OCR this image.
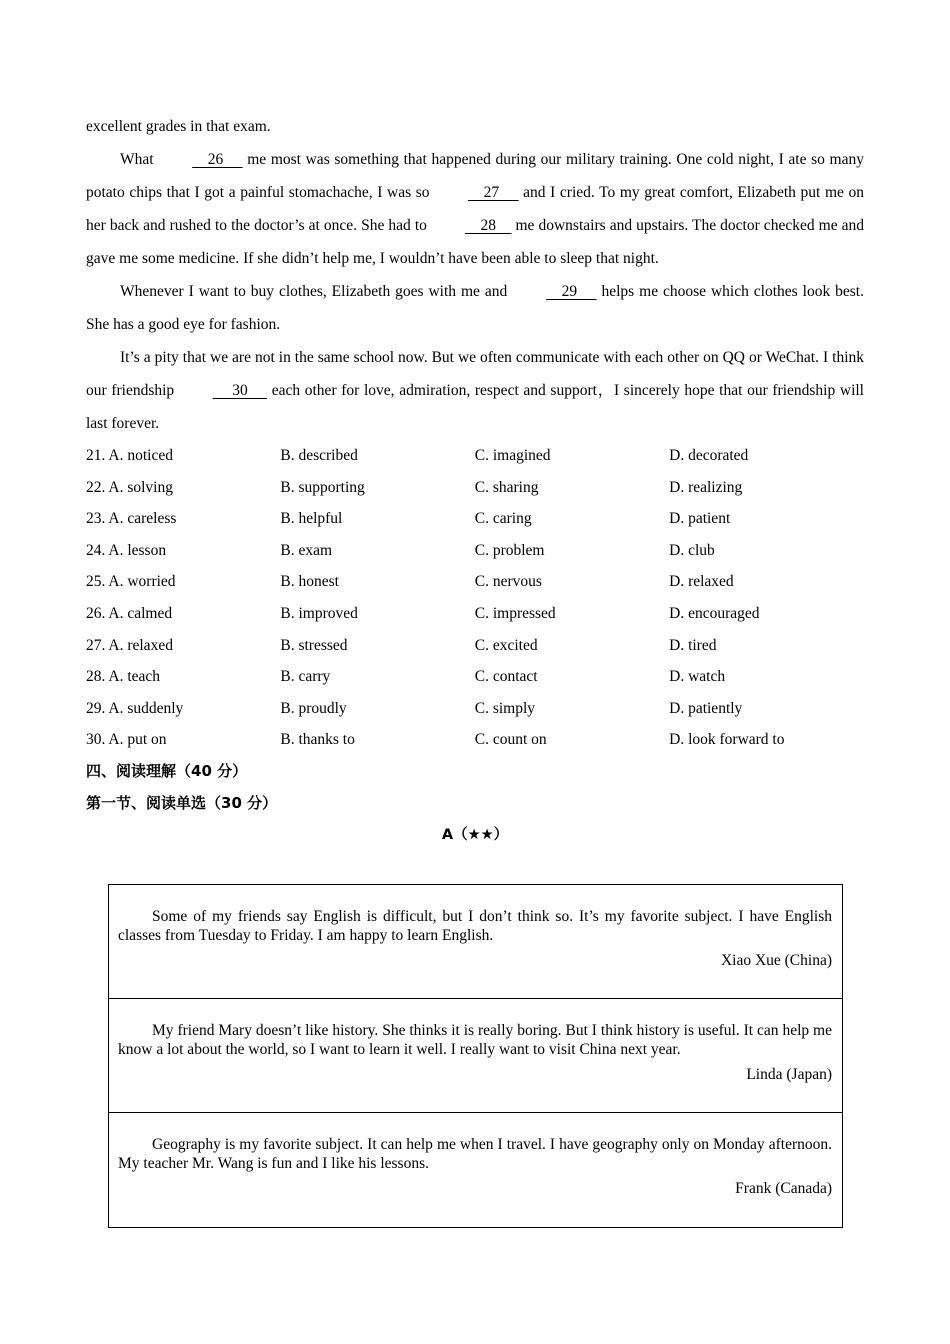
excellent grades in that exam.

What     26      me most was something that happened during our military training. One cold night, I ate so many potato chips that I got a painful stomachache, I was so     27      and I cried. To my great comfort, Elizabeth put me on her back and rushed to the doctor’s at once. She had to     28     me downstairs and upstairs. The doctor checked me and gave me some medicine. If she didn’t help me, I wouldn’t have been able to sleep that night.

Whenever I want to buy clothes, Elizabeth goes with me and     29      helps me choose which clothes look best. She has a good eye for fashion.

It’s a pity that we are not in the same school now. But we often communicate with each other on QQ or WeChat. I think our friendship      30      each other for love, admiration, respect and support，I sincerely hope that our friendship will last forever.

21. A. noticed	B. described	C. imagined	D. decorated
22. A. solving	B. supporting	C. sharing	D. realizing
23. A. careless	B. helpful	C. caring	D. patient
24. A. lesson	B. exam	C. problem	D. club
25. A. worried	B. honest	C. nervous	D. relaxed
26. A. calmed	B. improved	C. impressed	D. encouraged
27. A. relaxed	B. stressed	C. excited	D. tired
28. A. teach	B. carry	C. contact	D. watch
29. A. suddenly	B. proudly	C. simply	D. patiently
30. A. put on	B. thanks to	C. count on	D. look forward to

四、阅读理解（40 分）

第一节、阅读单选（30 分）

A（★★）

Some of my friends say English is difficult, but I don’t think so. It’s my favorite subject. I have English classes from Tuesday to Friday. I am happy to learn English.

Xiao Xue (China)

My friend Mary doesn’t like history. She thinks it is really boring. But I think history is useful. It can help me know a lot about the world, so I want to learn it well. I really want to visit China next year.

Linda (Japan)

Geography is my favorite subject. It can help me when I travel. I have geography only on Monday afternoon. My teacher Mr. Wang is fun and I like his lessons.

Frank (Canada)
